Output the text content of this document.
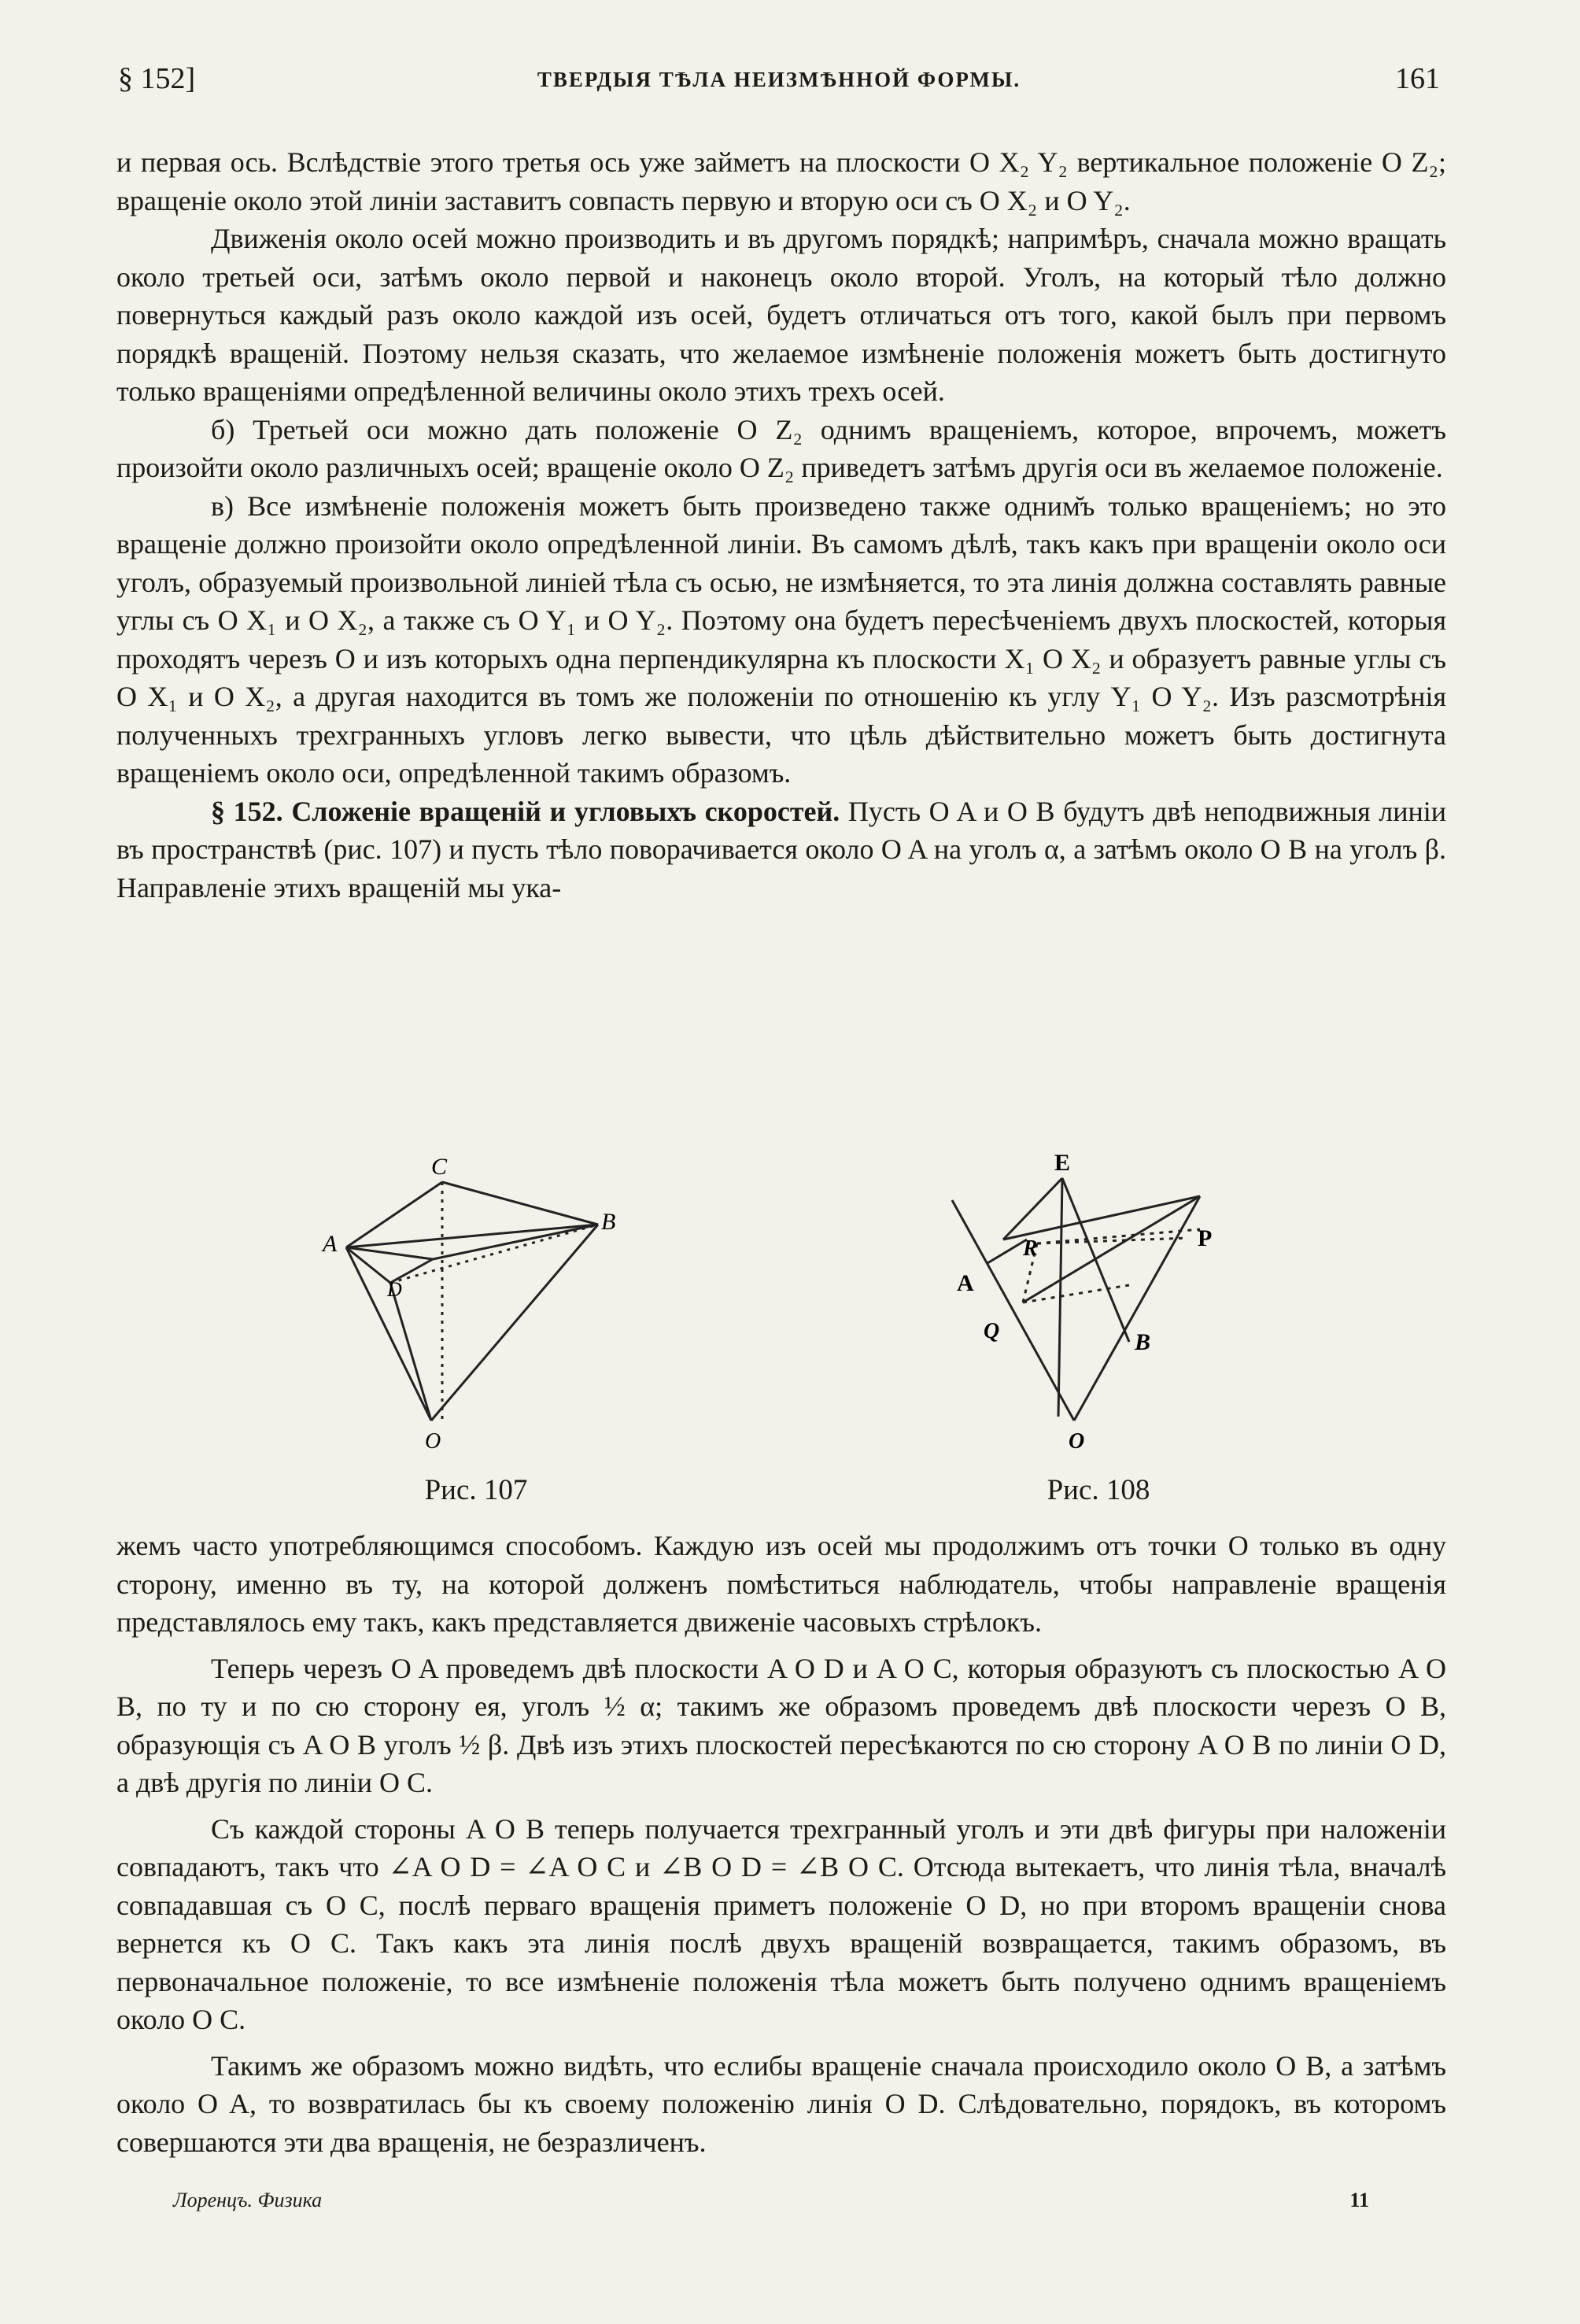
§ 152]	ТВЕРДЫЯ ТѢЛА НЕИЗМѢННОЙ ФОРМЫ.	161

и первая ось. Вслѣдствіе этого третья ось уже займетъ на плоскости O X₂ Y₂ вертикальное положеніе O Z₂; вращеніе около этой линіи заставитъ совпасть первую и вторую оси съ O X₂ и O Y₂.

Движенія около осей можно производить и въ другомъ порядкѣ; напримѣръ, сначала можно вращать около третьей оси, затѣмъ около первой и наконецъ около второй. Уголъ, на который тѣло должно повернуться каждый разъ около каждой изъ осей, будетъ отличаться отъ того, какой былъ при первомъ порядкѣ вращеній. Поэтому нельзя сказать, что желаемое измѣненіе положенія можетъ быть достигнуто только вращеніями опредѣленной величины около этихъ трехъ осей.

б) Третьей оси можно дать положеніе O Z₂ однимъ вращеніемъ, которое, впрочемъ, можетъ произойти около различныхъ осей; вращеніе около O Z₂ приведетъ затѣмъ другія оси въ желаемое положеніе.

в) Все измѣненіе положенія можетъ быть произведено также одним̆ъ только вращеніемъ; но это вращеніе должно произойти около опредѣленной линіи. Въ самомъ дѣлѣ, такъ какъ при вращеніи около оси уголъ, образуемый произвольной линіей тѣла съ осью, не измѣняется, то эта линія должна составлять равные углы съ O X₁ и O X₂, а также съ O Y₁ и O Y₂. Поэтому она будетъ пересѣченіемъ двухъ плоскостей, которыя проходятъ черезъ O и изъ которыхъ одна перпендикулярна къ плоскости X₁ O X₂ и образуетъ равные углы съ O X₁ и O X₂, а другая находится въ томъ же положеніи по отношенію къ углу Y₁ O Y₂. Изъ разсмотрѣнія полученныхъ трехгранныхъ угловъ легко вывести, что цѣль дѣйствительно можетъ быть достигнута вращеніемъ около оси, опредѣленной такимъ образомъ.

§ 152. Сложеніе вращеній и угловыхъ скоростей. Пусть O A и O B будутъ двѣ неподвижныя линіи въ пространствѣ (рис. 107) и пусть тѣло поворачивается около O A на уголъ α, а затѣмъ около O B на уголъ β. Направленіе этихъ вращеній мы ука-

C
A
B
D
O
Рис. 107
E
R	P
A
Q	B
O
Рис. 108

жемъ часто употребляющимся способомъ. Каждую изъ осей мы продолжимъ отъ точки O только въ одну сторону, именно въ ту, на которой долженъ помѣститься наблюдатель, чтобы направленіе вращенія представлялось ему такъ, какъ представляется движеніе часовыхъ стрѣлокъ.

Теперь черезъ O A проведемъ двѣ плоскости A O D и A O C, которыя образуютъ съ плоскостью A O B, по ту и по сю сторону ея, уголъ ½ α; такимъ же образомъ проведемъ двѣ плоскости черезъ O B, образующія съ A O B уголъ ½ β. Двѣ изъ этихъ плоскостей пересѣкаются по сю сторону A O B по линіи O D, а двѣ другія по линіи O C.

Съ каждой стороны A O B теперь получается трехгранный уголъ и эти двѣ фигуры при наложеніи совпадаютъ, такъ что ∠A O D = ∠A O C и ∠B O D = ∠B O C. Отсюда вытекаетъ, что линія тѣла, вначалѣ совпадавшая съ O C, послѣ перваго вращенія приметъ положеніе O D, но при второмъ вращеніи снова вернется къ O C. Такъ какъ эта линія послѣ двухъ вращеній возвращается, такимъ образомъ, въ первоначальное положеніе, то все измѣненіе положенія тѣла можетъ быть получено однимъ вращеніемъ около O C.

Такимъ же образомъ можно видѣть, что еслибы вращеніе сначала происходило около O B, а затѣмъ около O A, то возвратилась бы къ своему положенію линія O D. Слѣдовательно, порядокъ, въ которомъ совершаются эти два вращенія, не безразличенъ.

Лоренцъ. Физика	11
